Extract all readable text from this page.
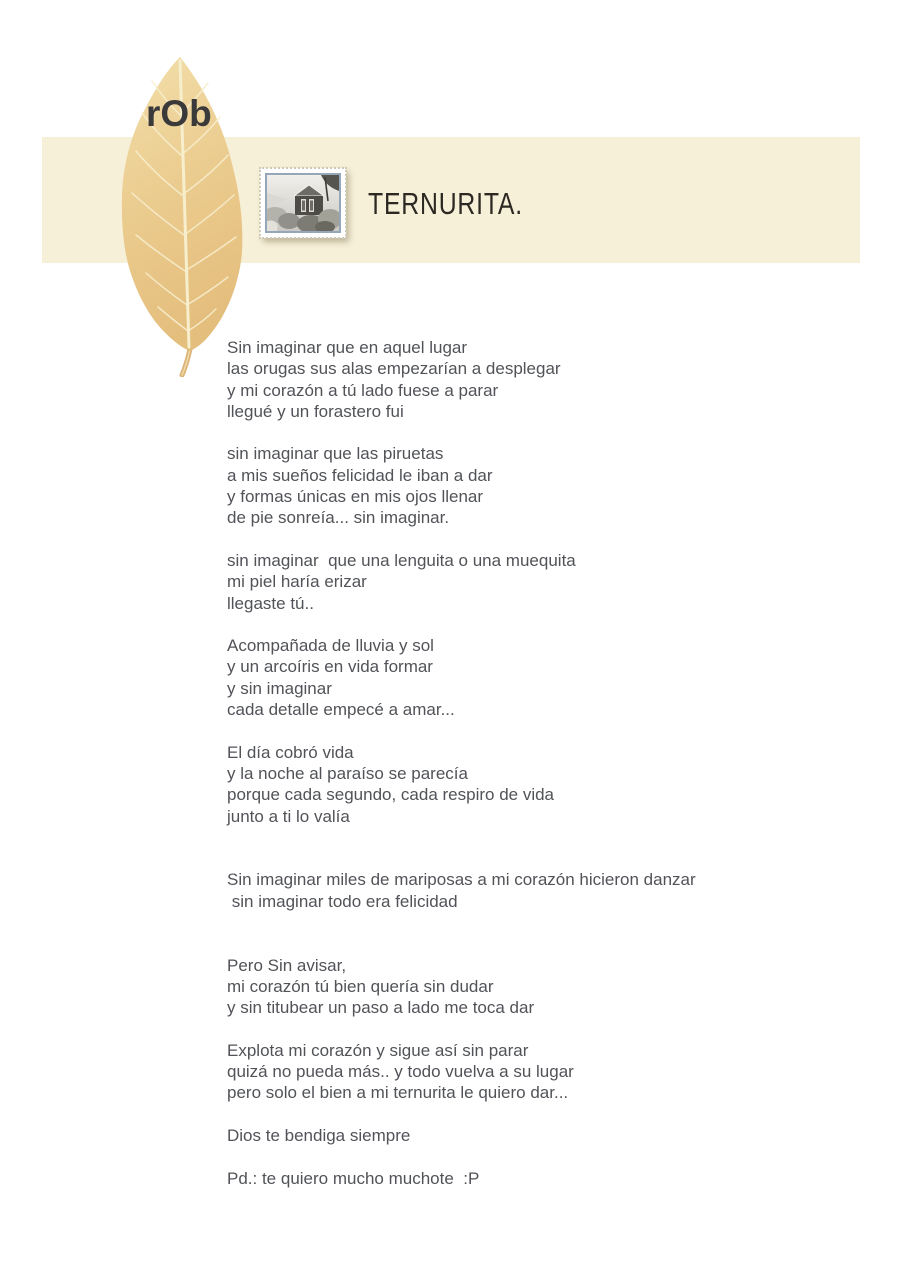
rOb
TERNURITA.
Sin imaginar que en aquel lugar
las orugas sus alas empezarían a desplegar
y mi corazón a tú lado fuese a parar
llegué y un forastero fui
sin imaginar que las piruetas
a mis sueños felicidad le iban a dar
y formas únicas en mis ojos llenar
de pie sonreía... sin imaginar.
sin imaginar  que una lenguita o una muequita
mi piel haría erizar
llegaste tú..
Acompañada de lluvia y sol
y un arcoíris en vida formar
y sin imaginar
cada detalle empecé a amar...
El día cobró vida
y la noche al paraíso se parecía
porque cada segundo, cada respiro de vida
junto a ti lo valía
Sin imaginar miles de mariposas a mi corazón hicieron danzar
sin imaginar todo era felicidad
Pero Sin avisar,
mi corazón tú bien quería sin dudar
y sin titubear un paso a lado me toca dar
Explota mi corazón y sigue así sin parar
quizá no pueda más.. y todo vuelva a su lugar
pero solo el bien a mi ternurita le quiero dar...
Dios te bendiga siempre
Pd.: te quiero mucho muchote  :P
